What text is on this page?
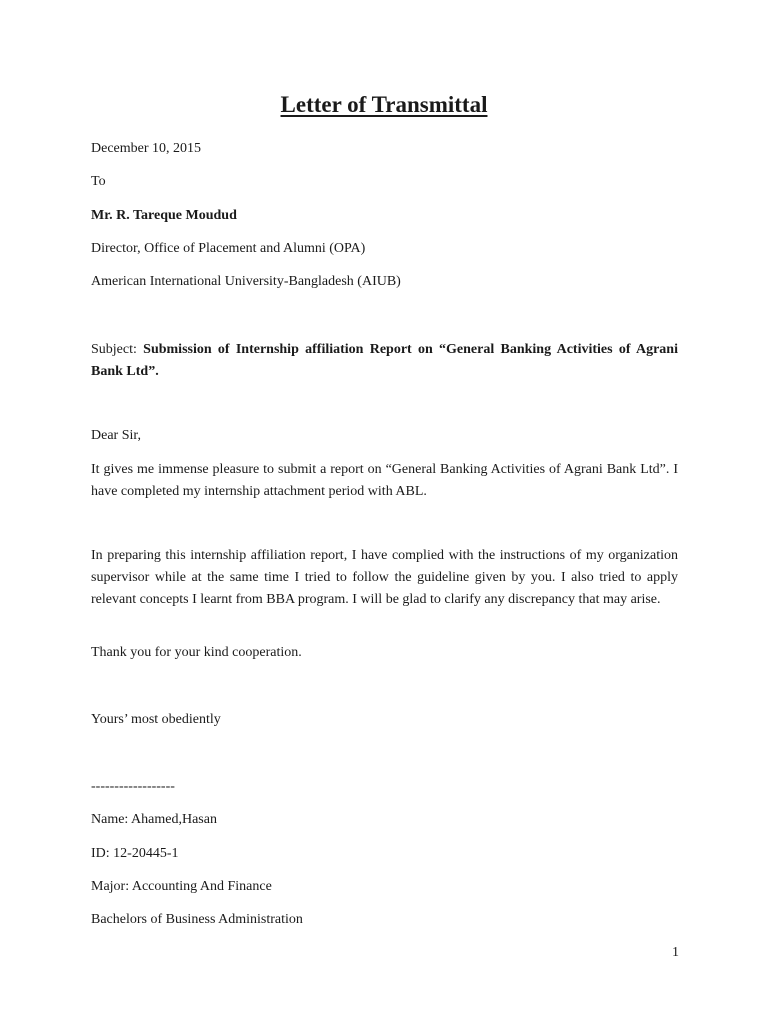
Letter of Transmittal
December 10, 2015
To
Mr. R. Tareque Moudud
Director, Office of Placement and Alumni (OPA)
American International University-Bangladesh (AIUB)
Subject: Submission of Internship affiliation Report on “General Banking Activities of Agrani Bank Ltd”.
Dear Sir,
It gives me immense pleasure to submit a report on “General Banking Activities of Agrani Bank Ltd”. I have completed my internship attachment period with ABL.
In preparing this internship affiliation report, I have complied with the instructions of my organization supervisor while at the same time I tried to follow the guideline given by you. I also tried to apply relevant concepts I learnt from BBA program. I will be glad to clarify any discrepancy that may arise.
Thank you for your kind cooperation.
Yours’ most obediently
------------------
Name: Ahamed,Hasan
ID: 12-20445-1
Major: Accounting And Finance
Bachelors of Business Administration
1
